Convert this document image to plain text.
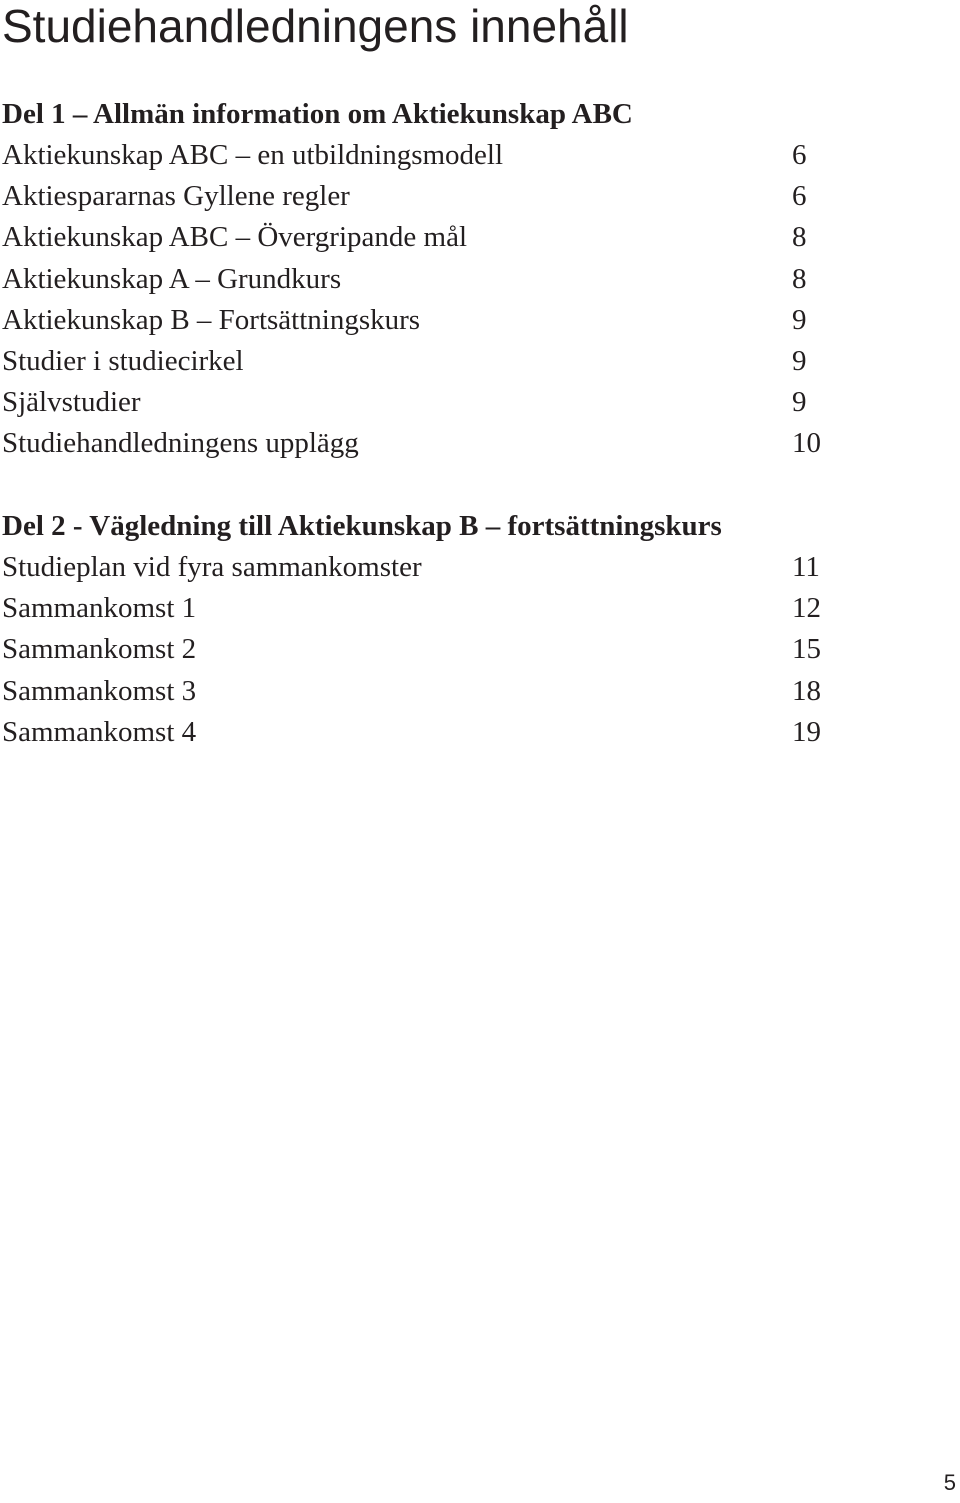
Studiehandledningens innehåll
Del 1 – Allmän information om Aktiekunskap ABC
Aktiekunskap ABC – en utbildningsmodell	6
Aktiespararnas Gyllene regler	6
Aktiekunskap ABC – Övergripande mål	8
Aktiekunskap A – Grundkurs	8
Aktiekunskap B – Fortsättningskurs	9
Studier i studiecirkel	9
Självstudier	9
Studiehandledningens upplägg	10
Del 2 - Vägledning till Aktiekunskap B – fortsättningskurs
Studieplan vid fyra sammankomster	11
Sammankomst 1	12
Sammankomst 2	15
Sammankomst 3	18
Sammankomst 4	19
5
